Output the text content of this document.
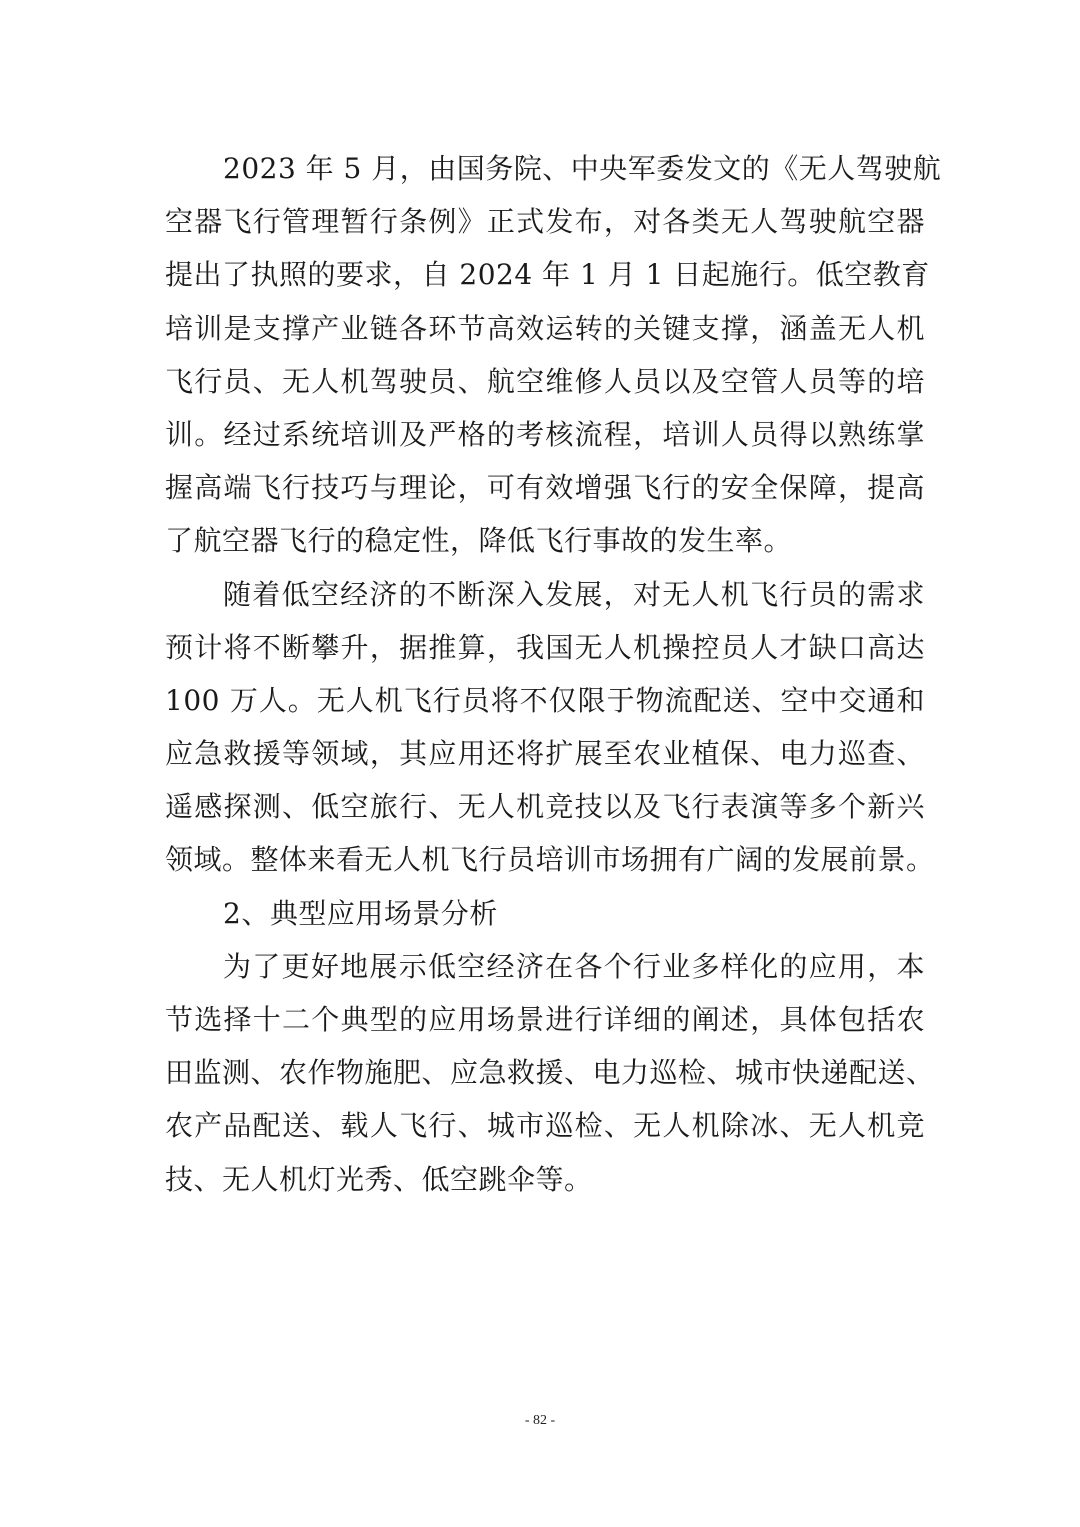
2023 年 5 月，由国务院、中央军委发文的《无人驾驶航
空器飞行管理暂行条例》正式发布，对各类无人驾驶航空器
提出了执照的要求，自 2024 年 1 月 1 日起施行。低空教育
培训是支撑产业链各环节高效运转的关键支撑，涵盖无人机
飞行员、无人机驾驶员、航空维修人员以及空管人员等的培
训。经过系统培训及严格的考核流程，培训人员得以熟练掌
握高端飞行技巧与理论，可有效增强飞行的安全保障，提高
了航空器飞行的稳定性，降低飞行事故的发生率。
随着低空经济的不断深入发展，对无人机飞行员的需求
预计将不断攀升，据推算，我国无人机操控员人才缺口高达
100 万人。无人机飞行员将不仅限于物流配送、空中交通和
应急救援等领域，其应用还将扩展至农业植保、电力巡查、
遥感探测、低空旅行、无人机竞技以及飞行表演等多个新兴
领域。整体来看无人机飞行员培训市场拥有广阔的发展前景。
2、典型应用场景分析
为了更好地展示低空经济在各个行业多样化的应用，本
节选择十二个典型的应用场景进行详细的阐述，具体包括农
田监测、农作物施肥、应急救援、电力巡检、城市快递配送、
农产品配送、载人飞行、城市巡检、无人机除冰、无人机竞
技、无人机灯光秀、低空跳伞等。
- 82 -
